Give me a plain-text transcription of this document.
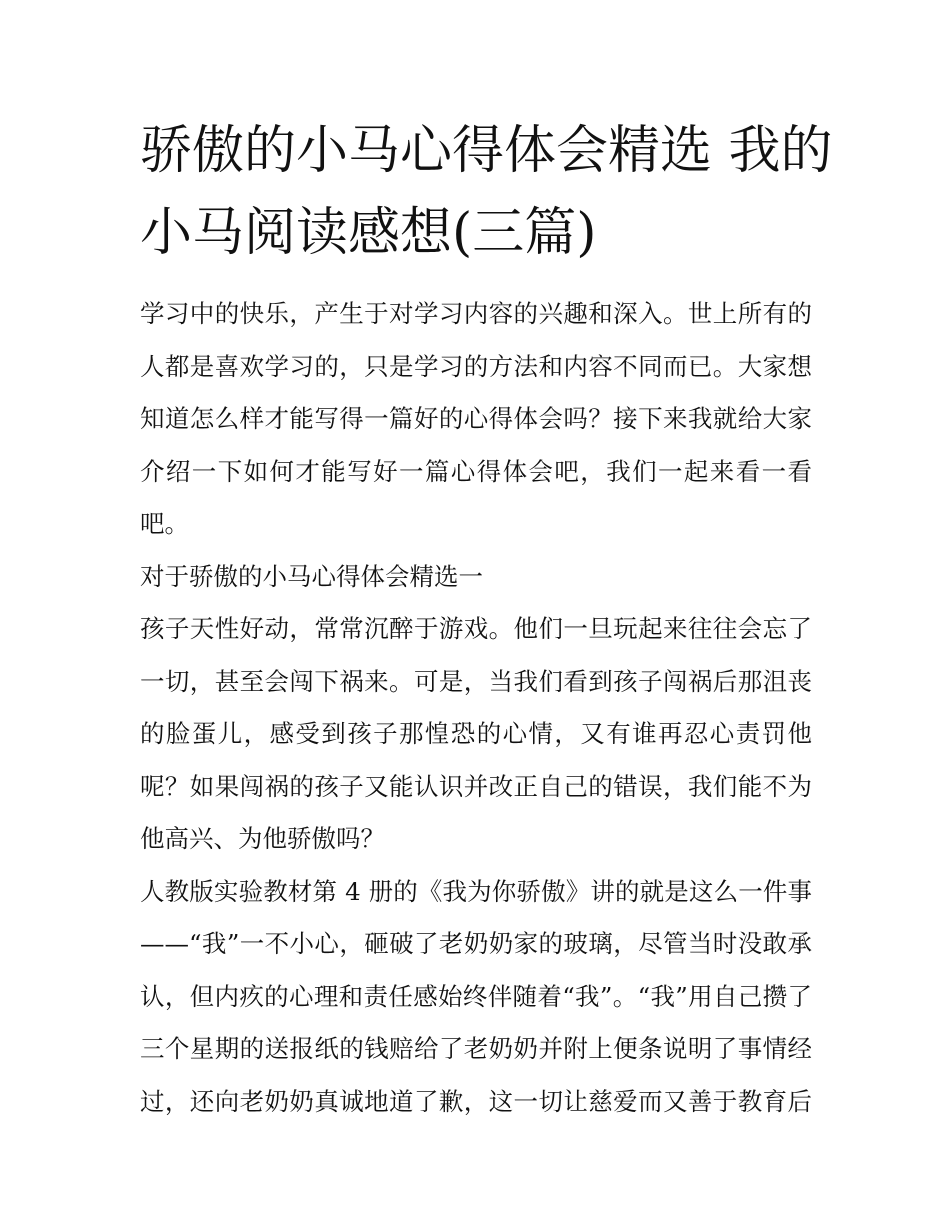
骄傲的小马心得体会精选 我的
小马阅读感想(三篇)

学习中的快乐，产生于对学习内容的兴趣和深入。世上所有的
人都是喜欢学习的，只是学习的方法和内容不同而已。大家想
知道怎么样才能写得一篇好的心得体会吗？接下来我就给大家
介绍一下如何才能写好一篇心得体会吧，我们一起来看一看
吧。

对于骄傲的小马心得体会精选一

孩子天性好动，常常沉醉于游戏。他们一旦玩起来往往会忘了
一切，甚至会闯下祸来。可是，当我们看到孩子闯祸后那沮丧
的脸蛋儿，感受到孩子那惶恐的心情，又有谁再忍心责罚他
呢？如果闯祸的孩子又能认识并改正自己的错误，我们能不为
他高兴、为他骄傲吗？

人教版实验教材第 4 册的《我为你骄傲》讲的就是这么一件事
——“我”一不小心，砸破了老奶奶家的玻璃，尽管当时没敢承
认，但内疚的心理和责任感始终伴随着“我”。“我”用自己攒了
三个星期的送报纸的钱赔给了老奶奶并附上便条说明了事情经
过，还向老奶奶真诚地道了歉，这一切让慈爱而又善于教育后
